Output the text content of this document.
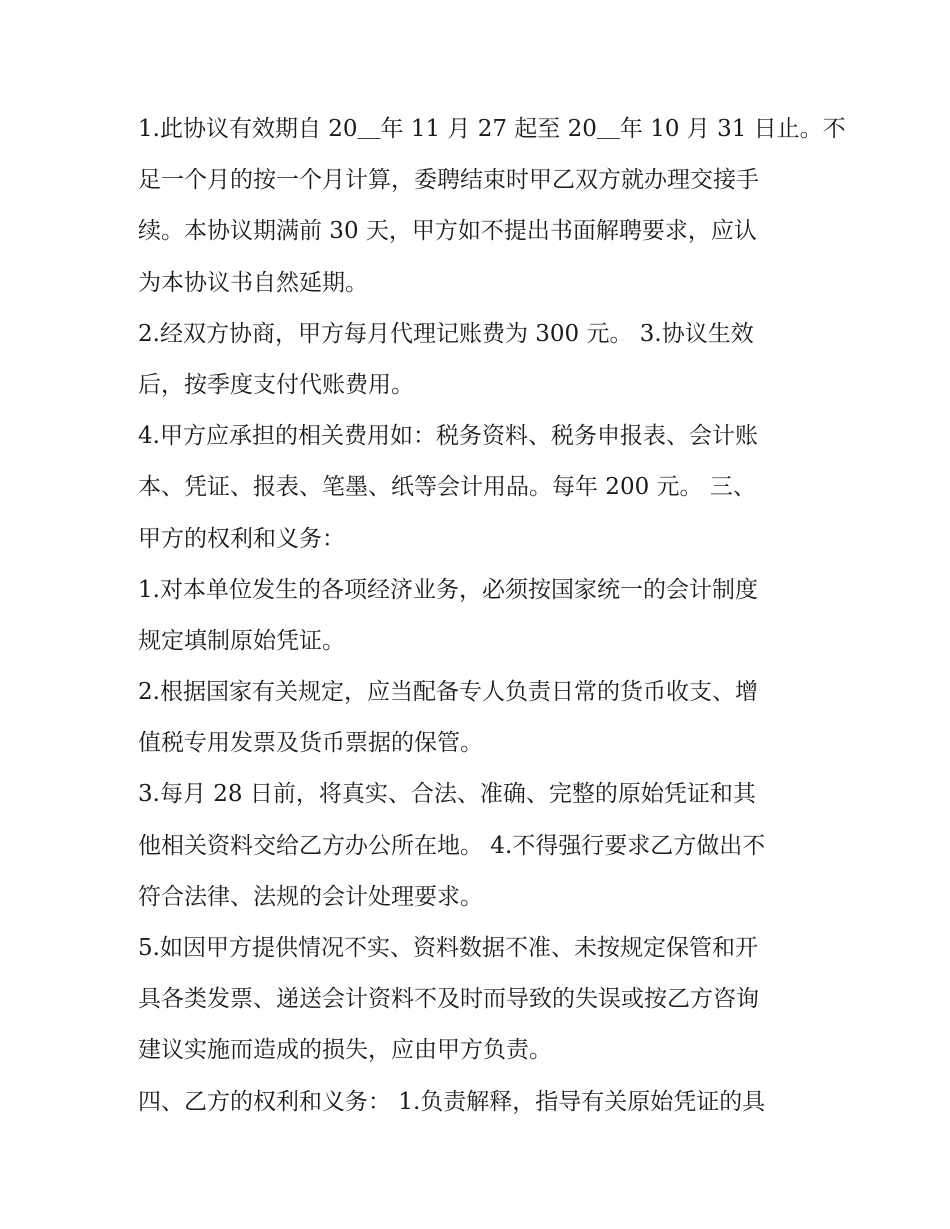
1.此协议有效期自 20＿年 11 月 27 起至 20＿年 10 月 31 日止。不
足一个月的按一个月计算，委聘结束时甲乙双方就办理交接手
续。本协议期满前 30 天，甲方如不提出书面解聘要求，应认
为本协议书自然延期。

2.经双方协商，甲方每月代理记账费为 300 元。 3.协议生效
后，按季度支付代账费用。

4.甲方应承担的相关费用如：税务资料、税务申报表、会计账
本、凭证、报表、笔墨、纸等会计用品。每年 200 元。 三、
甲方的权利和义务：

1.对本单位发生的各项经济业务，必须按国家统一的会计制度
规定填制原始凭证。

2.根据国家有关规定，应当配备专人负责日常的货币收支、增
值税专用发票及货币票据的保管。

3.每月 28 日前，将真实、合法、准确、完整的原始凭证和其
他相关资料交给乙方办公所在地。 4.不得强行要求乙方做出不
符合法律、法规的会计处理要求。

5.如因甲方提供情况不实、资料数据不准、未按规定保管和开
具各类发票、递送会计资料不及时而导致的失误或按乙方咨询
建议实施而造成的损失，应由甲方负责。

四、乙方的权利和义务： 1.负责解释，指导有关原始凭证的具
